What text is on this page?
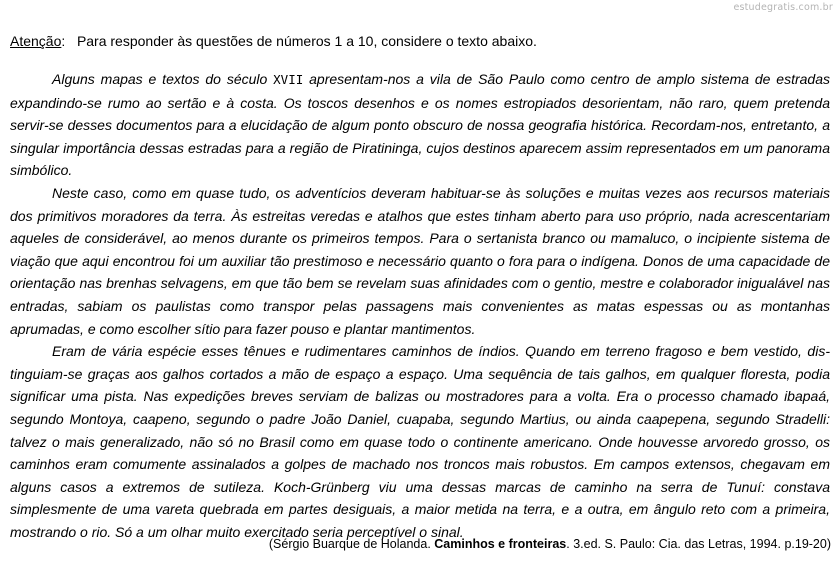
estudegratis.com.br
Atenção: Para responder às questões de números 1 a 10, considere o texto abaixo.

Alguns mapas e textos do século XVII apresentam-nos a vila de São Paulo como centro de amplo sistema de estradas expandindo-se rumo ao sertão e à costa. Os toscos desenhos e os nomes estropiados desorientam, não raro, quem pretenda servir-se desses documentos para a elucidação de algum ponto obscuro de nossa geografia histórica. Recordam-nos, entretanto, a singular importância dessas estradas para a região de Piratininga, cujos destinos aparecem assim representados em um panorama simbólico.

Neste caso, como em quase tudo, os adventícios deveram habituar-se às soluções e muitas vezes aos recursos materiais dos primitivos moradores da terra. Às estreitas veredas e atalhos que estes tinham aberto para uso próprio, nada acrescentariam aqueles de considerável, ao menos durante os primeiros tempos. Para o sertanista branco ou mamaluco, o incipiente sistema de viação que aqui encontrou foi um auxiliar tão prestimoso e necessário quanto o fora para o indígena. Donos de uma capacidade de orientação nas brenhas selvagens, em que tão bem se revelam suas afinidades com o gentio, mestre e colaborador inigualável nas entradas, sabiam os paulistas como transpor pelas passagens mais convenientes as matas espessas ou as montanhas aprumadas, e como escolher sítio para fazer pouso e plantar mantimentos.

Eram de vária espécie esses tênues e rudimentares caminhos de índios. Quando em terreno fragoso e bem vestido, distinguiam-se graças aos galhos cortados a mão de espaço a espaço. Uma sequência de tais galhos, em qualquer floresta, podia significar uma pista. Nas expedições breves serviam de balizas ou mostradores para a volta. Era o processo chamado ibapaá, segundo Montoya, caapeno, segundo o padre João Daniel, cuapaba, segundo Martius, ou ainda caapepena, segundo Stradelli: talvez o mais generalizado, não só no Brasil como em quase todo o continente americano. Onde houvesse arvoredo grosso, os caminhos eram comumente assinalados a golpes de machado nos troncos mais robustos. Em campos extensos, chegavam em alguns casos a extremos de sutileza. Koch-Grünberg viu uma dessas marcas de caminho na serra de Tunuí: constava simplesmente de uma vareta quebrada em partes desiguais, a maior metida na terra, e a outra, em ângulo reto com a primeira, mostrando o rio. Só a um olhar muito exercitado seria perceptível o sinal.

(Sérgio Buarque de Holanda. Caminhos e fronteiras. 3.ed. S. Paulo: Cia. das Letras, 1994. p.19-20)
